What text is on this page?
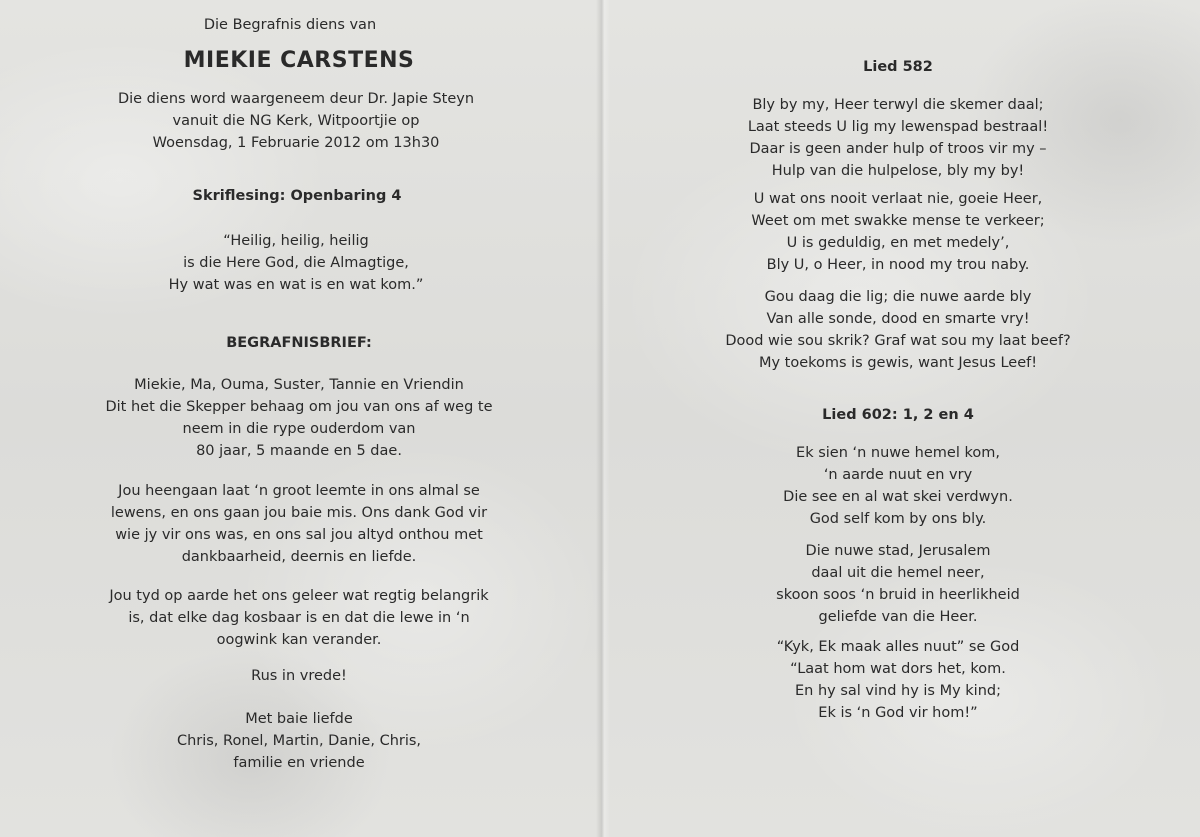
Die Begrafnis diens van
MIEKIE CARSTENS
Die diens word waargeneem deur Dr. Japie Steyn
vanuit die NG Kerk, Witpoortjie op
Woensdag, 1 Februarie 2012 om 13h30
Skriflesing: Openbaring 4
“Heilig, heilig, heilig
is die Here God, die Almagtige,
Hy wat was en wat is en wat kom.”
BEGRAFNISBRIEF:
Miekie, Ma, Ouma, Suster, Tannie en Vriendin
Dit het die Skepper behaag om jou van ons af weg te
neem in die rype ouderdom van
80 jaar, 5 maande en 5 dae.
Jou heengaan laat ‘n groot leemte in ons almal se
lewens, en ons gaan jou baie mis. Ons dank God vir
wie jy vir ons was, en ons sal jou altyd onthou met
dankbaarheid, deernis en liefde.
Jou tyd op aarde het ons geleer wat regtig belangrik
is, dat elke dag kosbaar is en dat die lewe in ‘n
oogwink kan verander.
Rus in vrede!
Met baie liefde
Chris, Ronel, Martin, Danie, Chris,
familie en vriende
Lied 582
Bly by my, Heer terwyl die skemer daal;
Laat steeds U lig my lewenspad bestraal!
Daar is geen ander hulp of troos vir my –
Hulp van die hulpelose, bly my by!
U wat ons nooit verlaat nie, goeie Heer,
Weet om met swakke mense te verkeer;
U is geduldig, en met medely’,
Bly U, o Heer, in nood my trou naby.
Gou daag die lig; die nuwe aarde bly
Van alle sonde, dood en smarte vry!
Dood wie sou skrik? Graf wat sou my laat beef?
My toekoms is gewis, want Jesus Leef!
Lied 602: 1, 2 en 4
Ek sien ‘n nuwe hemel kom,
‘n aarde nuut en vry
Die see en al wat skei verdwyn.
God self kom by ons bly.
Die nuwe stad, Jerusalem
daal uit die hemel neer,
skoon soos ‘n bruid in heerlikheid
geliefde van die Heer.
“Kyk, Ek maak alles nuut” se God
“Laat hom wat dors het, kom.
En hy sal vind hy is My kind;
Ek is ‘n God vir hom!”
